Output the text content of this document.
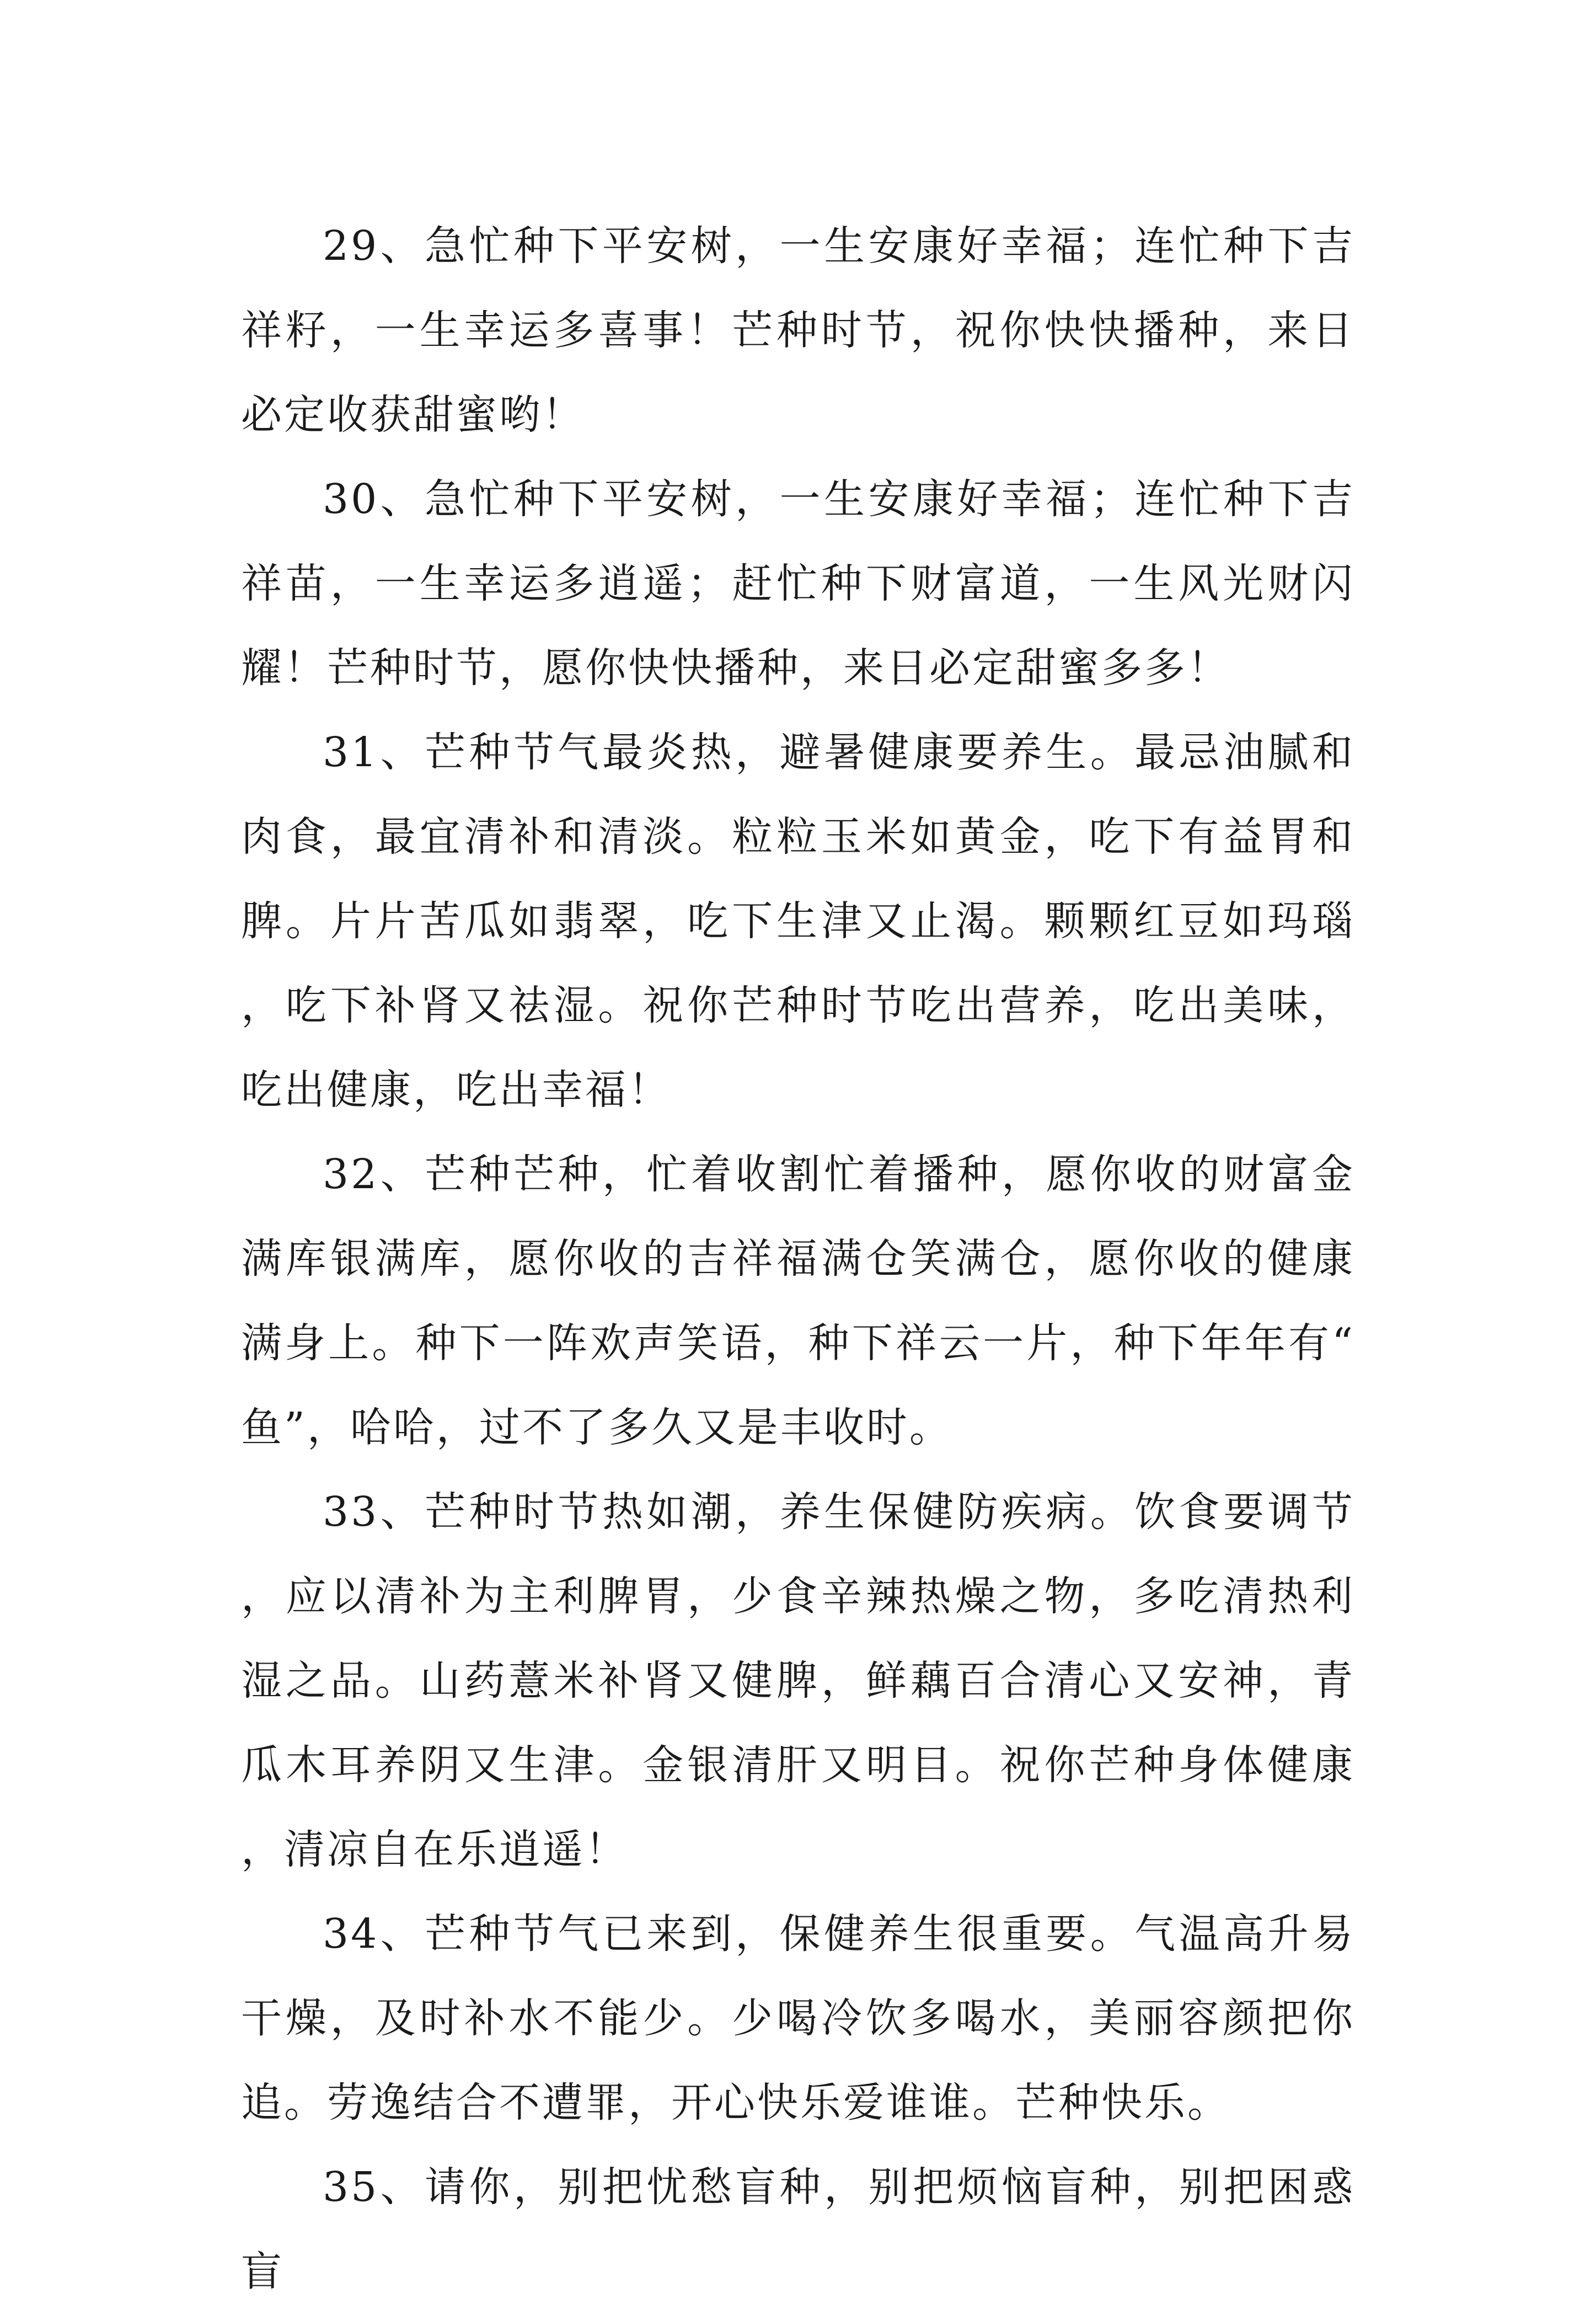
29、急忙种下平安树，一生安康好幸福；连忙种下吉祥籽，一生幸运多喜事！芒种时节，祝你快快播种，来日必定收获甜蜜哟！

30、急忙种下平安树，一生安康好幸福；连忙种下吉祥苗，一生幸运多逍遥；赶忙种下财富道，一生风光财闪耀！芒种时节，愿你快快播种，来日必定甜蜜多多！

31、芒种节气最炎热，避暑健康要养生。最忌油腻和肉食，最宜清补和清淡。粒粒玉米如黄金，吃下有益胃和脾。片片苦瓜如翡翠，吃下生津又止渴。颗颗红豆如玛瑙，吃下补肾又祛湿。祝你芒种时节吃出营养，吃出美味，吃出健康，吃出幸福！

32、芒种芒种，忙着收割忙着播种，愿你收的财富金满库银满库，愿你收的吉祥福满仓笑满仓，愿你收的健康满身上。种下一阵欢声笑语，种下祥云一片，种下年年有“鱼”，哈哈，过不了多久又是丰收时。

33、芒种时节热如潮，养生保健防疾病。饮食要调节，应以清补为主利脾胃，少食辛辣热燥之物，多吃清热利湿之品。山药薏米补肾又健脾，鲜藕百合清心又安神，青瓜木耳养阴又生津。金银清肝又明目。祝你芒种身体健康，清凉自在乐逍遥！

34、芒种节气已来到，保健养生很重要。气温高升易干燥，及时补水不能少。少喝冷饮多喝水，美丽容颜把你追。劳逸结合不遭罪，开心快乐爱谁谁。芒种快乐。

35、请你，别把忧愁盲种，别把烦恼盲种，别把困惑盲
